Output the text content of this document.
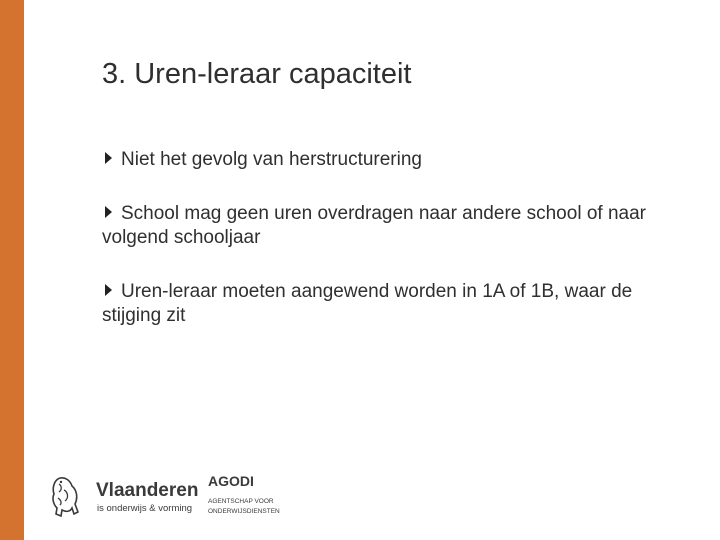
3. Uren-leraar capaciteit
Niet het gevolg van herstructurering
School mag geen uren overdragen naar andere school of naar volgend schooljaar
Uren-leraar moeten aangewend worden in 1A of 1B, waar de stijging zit
Vlaanderen
is onderwijs & vorming
AGODI
AGENTSCHAP VOOR
ONDERWIJSDIENSTEN
